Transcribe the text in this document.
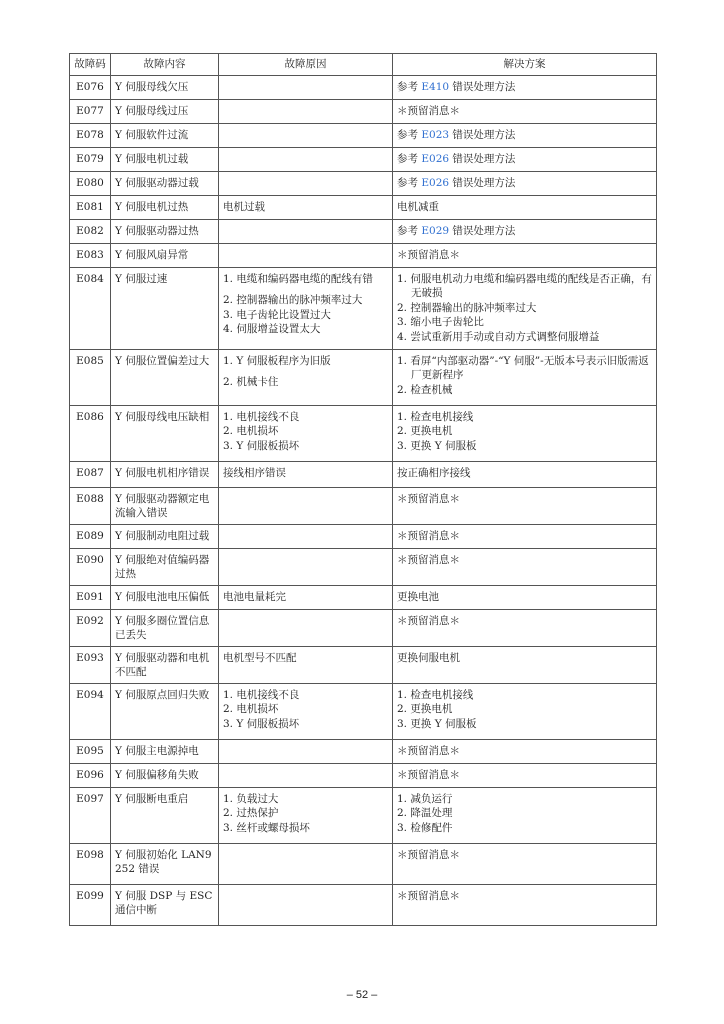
故障码	故障内容	故障原因	解决方案
E076	Y 伺服母线欠压		参考 E410 错误处理方法

E077	Y 伺服母线过压		＊预留消息＊

E078	Y 伺服软件过流		参考 E023 错误处理方法

E079	Y 伺服电机过载		参考 E026 错误处理方法

E080	Y 伺服驱动器过载		参考 E026 错误处理方法

E081	Y 伺服电机过热	电机过载	电机减重

E082	Y 伺服驱动器过热		参考 E029 错误处理方法

E083	Y 伺服风扇异常		＊预留消息＊

E084	Y 伺服过速	1. 电缆和编码器电缆的配线有错
2. 控制器输出的脉冲频率过大
3. 电子齿轮比设置过大
4. 伺服增益设置太大	1. 伺服电机动力电缆和编码器电缆的配线是否正确，有无破损
2. 控制器输出的脉冲频率过大
3. 缩小电子齿轮比
4. 尝试重新用手动或自动方式调整伺服增益

E085	Y 伺服位置偏差过大	1. Y 伺服板程序为旧版
2. 机械卡住	1. 看屏“内部驱动器”-“Y 伺服”-无版本号表示旧版需返厂更新程序
2. 检查机械

E086	Y 伺服母线电压缺相	1. 电机接线不良
2. 电机损坏
3. Y 伺服板损坏	1. 检查电机接线
2. 更换电机
3. 更换 Y 伺服板

E087	Y 伺服电机相序错误	接线相序错误	按正确相序接线

E088	Y 伺服驱动器额定电流输入错误		＊预留消息＊

E089	Y 伺服制动电阻过载		＊预留消息＊

E090	Y 伺服绝对值编码器过热		＊预留消息＊

E091	Y 伺服电池电压偏低	电池电量耗完	更换电池

E092	Y 伺服多圈位置信息已丢失		＊预留消息＊

E093	Y 伺服驱动器和电机不匹配	电机型号不匹配	更换伺服电机

E094	Y 伺服原点回归失败	1. 电机接线不良
2. 电机损坏
3. Y 伺服板损坏	1. 检查电机接线
2. 更换电机
3. 更换 Y 伺服板

E095	Y 伺服主电源掉电		＊预留消息＊

E096	Y 伺服偏移角失败		＊预留消息＊

E097	Y 伺服断电重启	1. 负载过大
2. 过热保护
3. 丝杆或螺母损坏	1. 减负运行
2. 降温处理
3. 检修配件

E098	Y 伺服初始化 LAN9252 错误		＊预留消息＊

E099	Y 伺服 DSP 与 ESC 通信中断		＊预留消息＊
– 52 –
